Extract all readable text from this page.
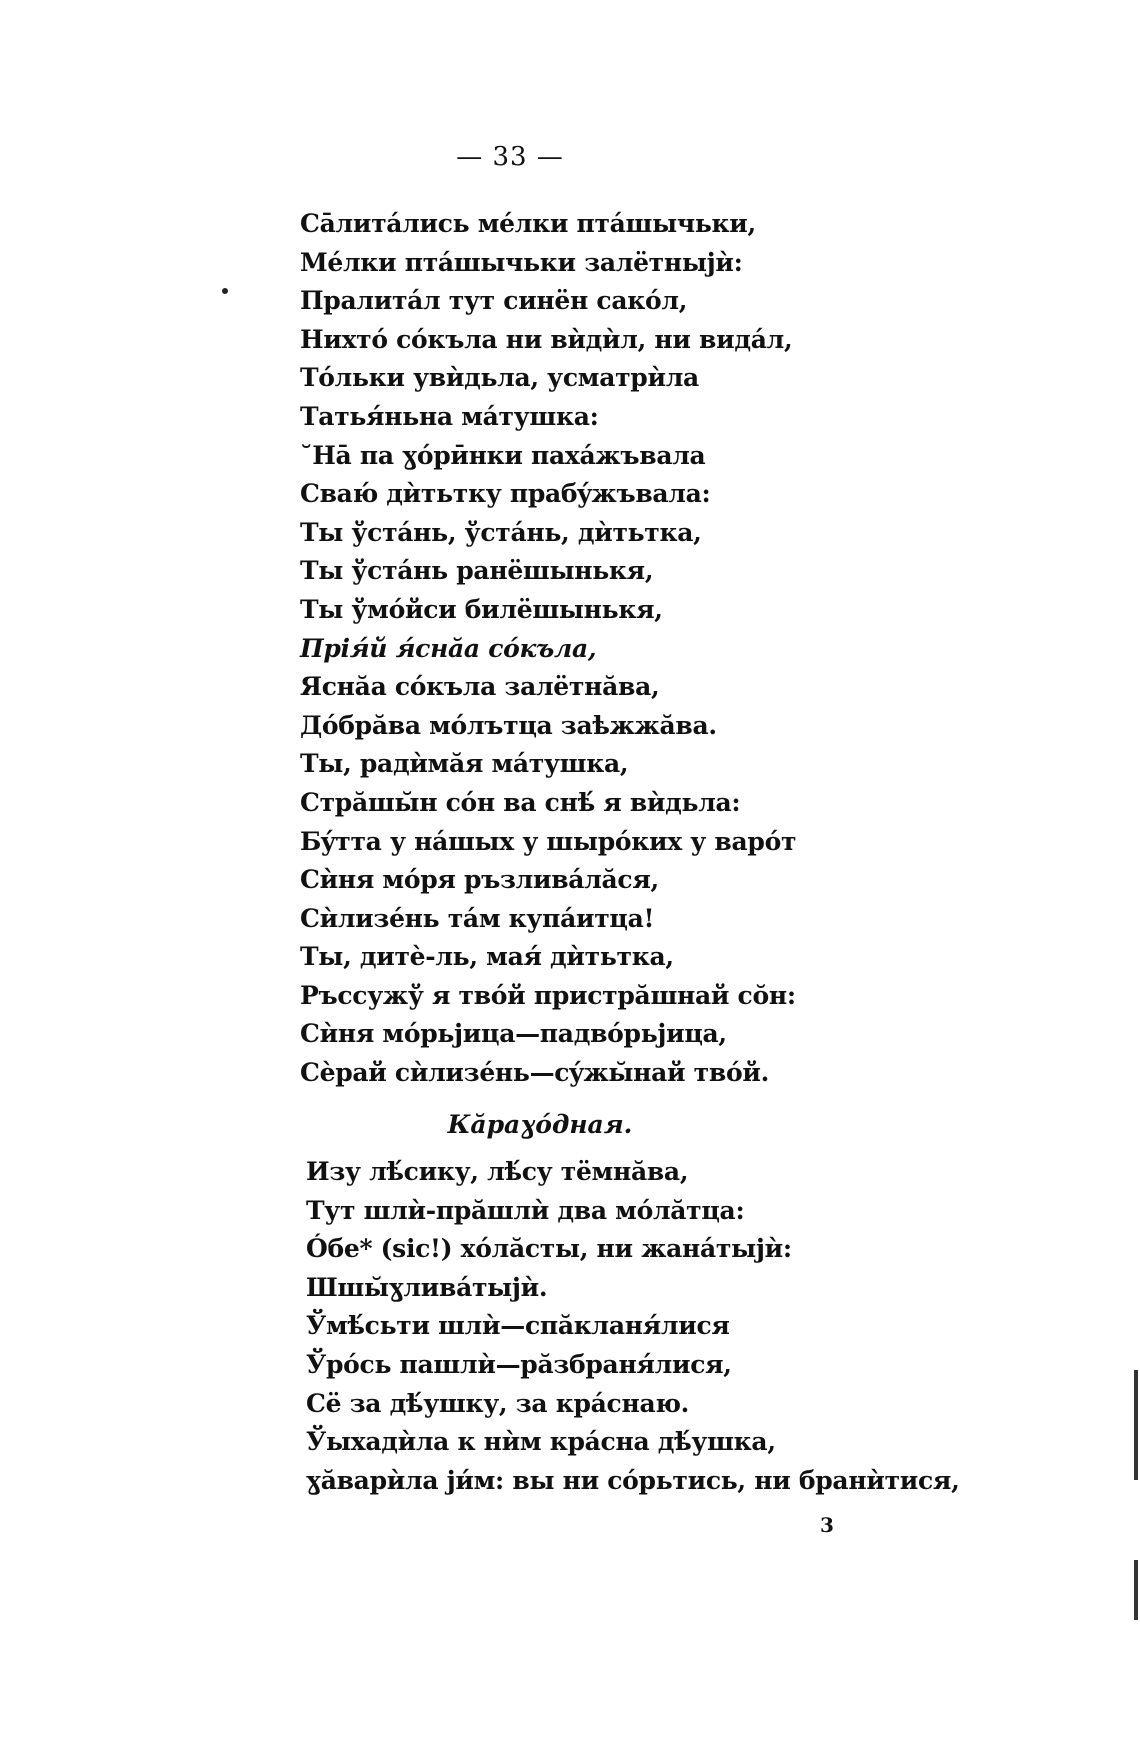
— 33 —
Са̄литáлись мéлки птáшычьки,
Мéлки птáшычьки залётныјѝ:
Пралитáл тут синён сакóл,
Нихтó сóкъла ни вѝдѝл, ни видáл,
Тóльки увѝдьла, усматрѝла
Татья́ньна мáтушка:
˘На̄ па ɣóрӣнки пахáжъвала
Сваю́ дѝтьтку прабýжъвала:
Ты ўстáнь, ўстáнь, дѝтьтка,
Ты ўстáнь ранёшынькя,
Ты ўмóйси билёшынькя,
Прія́й я́снӑа сóкъла,
Яснӑа сóкъла залётнӑва,
Дóбрӑва мóлътца заѣжжӑва.
Ты, радѝмӑя мáтушка,
Стрӑшы̆н сóн ва снѣ́ я вѝдьла:
Бýтта у нáшых у шырóких у варóт
Сѝня мóря ръзливáлӑся,
Сѝлизéнь тáм купáитца!
Ты, дитѐ-ль, мая́ дѝтьтка,
Ръссужў я твóй пристрӑшнай сŏн:
Сѝня мóрьјица—падвóрьјица,
Сѐрай сѝлизéнь—сýжы̆най твóй.
Кӑраɣóдная.
Изу лѣ́сику, лѣ́су тёмнӑва,
Тут шлѝ-прӑшлѝ два мóлӑтца:
Óбе* (sic!) хóлӑсты, ни жанáтыјѝ:
Шшы̆ɣливáтыјѝ.
Ўмѣ́сьти шлѝ—спӑкланя́лися
Ўрóсь пашлѝ—рӑзбраня́лися,
Сё за дѣ́ушку, за крáснаю.
Ўыхадѝла к нѝм крáсна дѣ́ушка,
ɣӑварѝла ји́м: вы ни сóрьтись, ни бранѝтися,
3
